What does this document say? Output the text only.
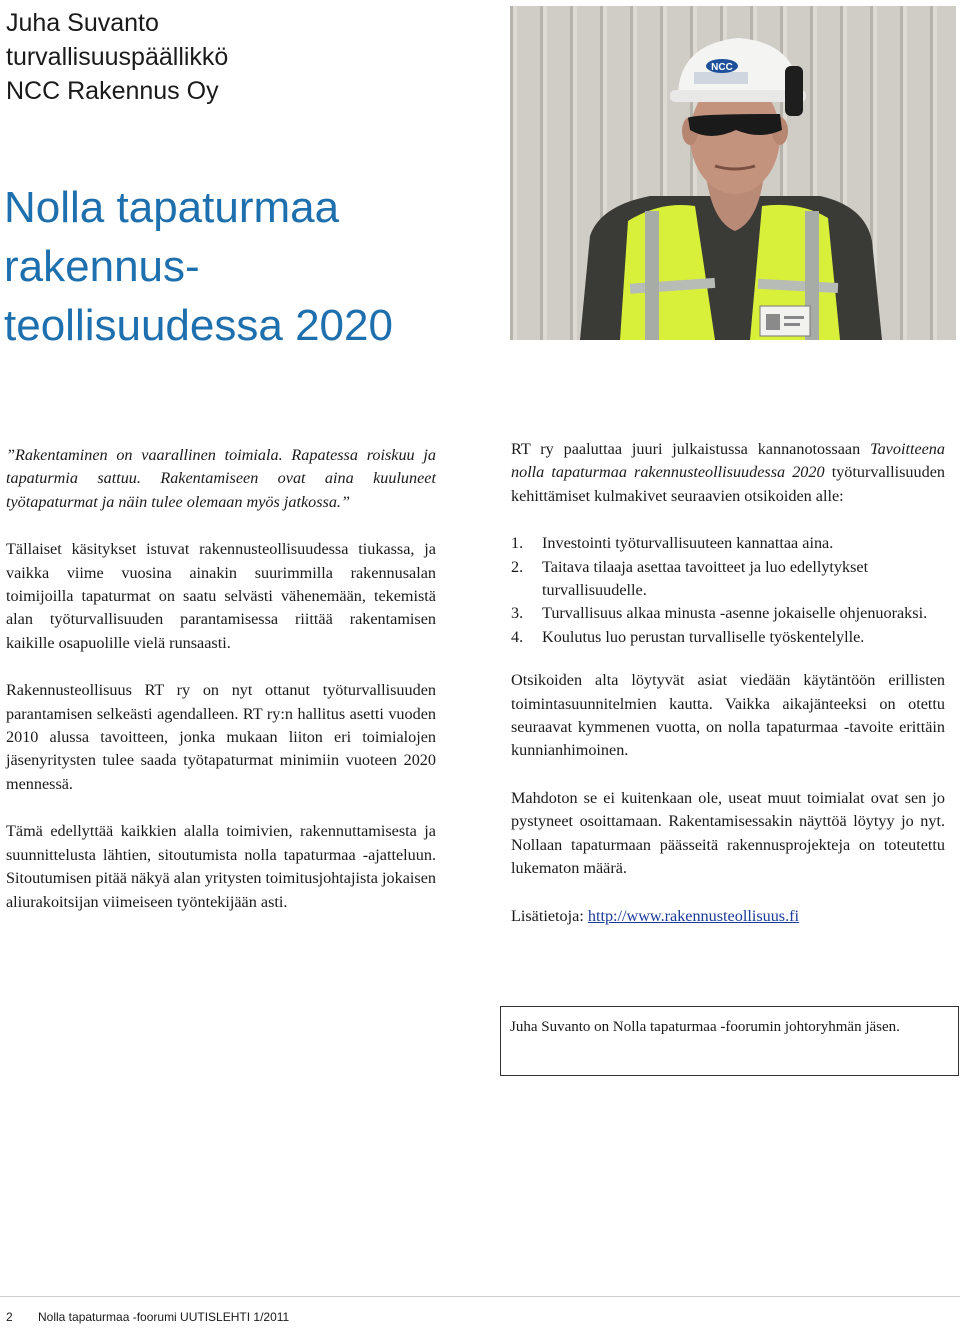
Juha Suvanto
turvallisuuspäällikkö
NCC Rakennus Oy
Nolla tapaturmaa
rakennus-
teollisuudessa 2020
NCC

”Rakentaminen on vaarallinen toimiala. Rapatessa roiskuu ja tapaturmia sattuu. Rakentamiseen ovat aina kuuluneet työtapaturmat ja näin tulee olemaan myös jatkossa.”

Tällaiset käsitykset istuvat rakennusteollisuudessa tiukassa, ja vaikka viime vuosina ainakin suurimmilla rakennusalan toimijoilla tapaturmat on saatu selvästi vähenemään, tekemistä alan työturvallisuuden parantamisessa riittää rakentamisen kaikille osapuolille vielä runsaasti.

Rakennusteollisuus RT ry on nyt ottanut työturvallisuuden parantamisen selkeästi agendalleen. RT ry:n hallitus asetti vuoden 2010 alussa tavoitteen, jonka mukaan liiton eri toimialojen jäsenyritysten tulee saada työtapaturmat minimiin vuoteen 2020 mennessä.

Tämä edellyttää kaikkien alalla toimivien, rakennuttamisesta ja suunnittelusta lähtien, sitoutumista nolla tapaturmaa -ajatteluun. Sitoutumisen pitää näkyä alan yritysten toimitusjohtajista jokaisen aliurakoitsijan viimeiseen työntekijään asti.

RT ry paaluttaa juuri julkaistussa kannanotossaan Tavoitteena nolla tapaturmaa rakennusteollisuudessa 2020 työturvallisuuden kehittämiset kulmakivet seuraavien otsikoiden alle:

1.	Investointi työturvallisuuteen kannattaa aina.
2.	Taitava tilaaja asettaa tavoitteet ja luo edellytykset turvallisuudelle.
3.	Turvallisuus alkaa minusta -asenne jokaiselle ohjenuoraksi.
4.	Koulutus luo perustan turvalliselle työskentelylle.

Otsikoiden alta löytyvät asiat viedään käytäntöön erillisten toimintasuunnitelmien kautta. Vaikka aikajänteeksi on otettu seuraavat kymmenen vuotta, on nolla tapaturmaa -tavoite erittäin kunnianhimoinen.

Mahdoton se ei kuitenkaan ole, useat muut toimialat ovat sen jo pystyneet osoittamaan. Rakentamisessakin näyttöä löytyy jo nyt. Nollaan tapaturmaan päässeitä rakennusprojekteja on toteutettu lukematon määrä.

Lisätietoja: http://www.rakennusteollisuus.fi

Juha Suvanto on Nolla tapaturmaa -foorumin johtoryhmän jäsen.
2 Nolla tapaturmaa -foorumi UUTISLEHTI 1/2011
